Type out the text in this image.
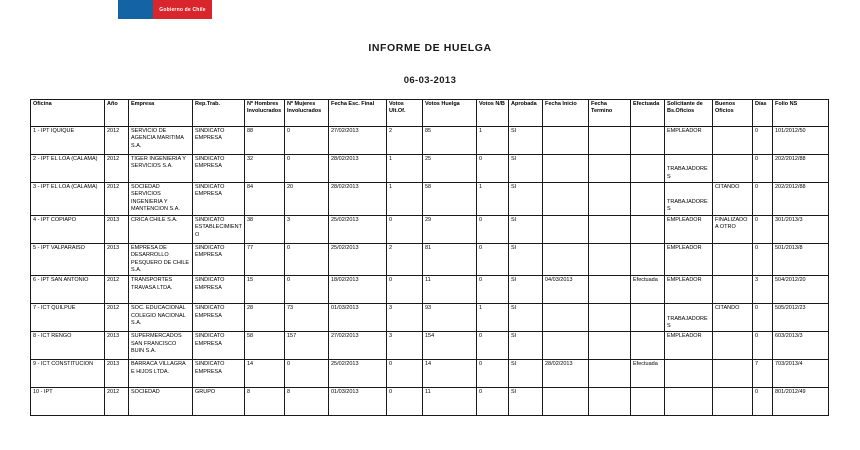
Gobierno de Chile
INFORME DE HUELGA
06-03-2013
Oficina	Año	Empresa	Rep.Trab.	Nº Hombres Involucrados	Nº Mujeres Involucrados	Fecha Esc. Final	Votos Ult.Of.	Votos Huelga	Votos N/B	Aprobada	Fecha Inicio	Fecha Termino	Efectuada	Solicitante de Bs.Oficios	Buenos Oficios	Días	Folio NS
1 - IPT IQUIQUE	2012	SERVICIO DE AGENCIA MARITIMA S.A.	SINDICATO EMPRESA	88	0	27/02/2013	2	85	1	SI				EMPLEADOR		0	101/2012/50
2 - IPT EL LOA (CALAMA)	2012	TIGER INGENIERIA Y SERVICIOS S.A.	SINDICATO EMPRESA	32	0	28/02/2013	1	25	0	SI				TRABAJADORES		0	202/2012/88
3 - IPT EL LOA (CALAMA)	2012	SOCIEDAD SERVICIOS INGENIERIA Y MANTENCION S.A.	SINDICATO EMPRESA	84	20	28/02/2013	1	58	1	SI				TRABAJADORES	CITANDO	0	202/2012/88
4 - IPT COPIAPO	2013	CRICA CHILE S.A.	SINDICATO ESTABLECIMIENTO	38	3	25/02/2013	0	29	0	SI				EMPLEADOR	FINALIZADO A OTRO	0	301/2013/3
5 - IPT VALPARAISO	2013	EMPRESA DE DESARROLLO PESQUERO DE CHILE S.A.	SINDICATO EMPRESA	77	0	25/02/2013	2	81	0	SI				EMPLEADOR		0	501/2013/8
6 - IPT SAN ANTONIO	2012	TRANSPORTES TRAVASA LTDA.	SINDICATO EMPRESA	15	0	18/02/2013	0	11	0	SI	04/03/2013		Efectuada	EMPLEADOR		3	504/2012/20
7 - ICT QUILPUE	2012	SOC. EDUCACIONAL COLEGIO NACIONAL S.A.	SINDICATO EMPRESA	28	73	01/03/2013	3	93	1	SI				TRABAJADORES	CITANDO	0	505/2012/23
8 - ICT RENGO	2013	SUPERMERCADOS SAN FRANCISCO BUIN S.A.	SINDICATO EMPRESA	58	157	27/02/2013	3	154	0	SI				EMPLEADOR		0	603/2013/3
9 - ICT CONSTITUCION	2013	BARRACA VILLAGRA E HIJOS LTDA.	SINDICATO EMPRESA	14	0	25/02/2013	0	14	0	SI	28/02/2013		Efectuada			7	703/2013/4
10 - IPT	2012	SOCIEDAD	GRUPO	8	8	01/03/2013	0	11	0	SI						0	801/2012/49
